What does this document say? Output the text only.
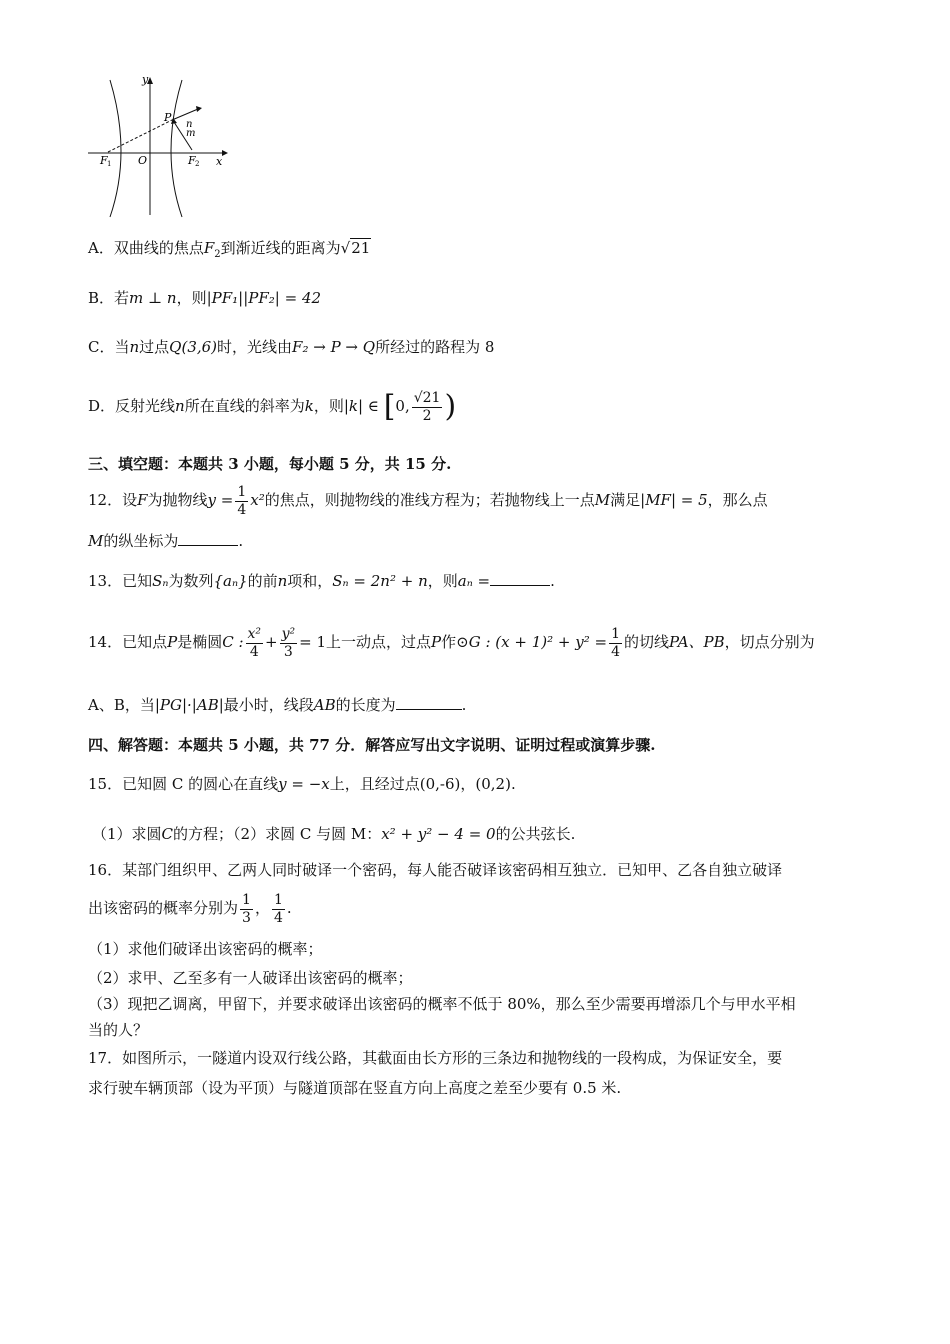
y
x
O
F 1	F 2
P
n
m
A．双曲线的焦点$F_2$到渐近线的距离为√21
B．若m ⊥ n，则|PF₁||PF₂| = 42
C．当n过点Q(3,6)时，光线由F₂ → P → Q所经过的路程为 8
D．反射光线n所在直线的斜率为k，则|k| ∈ [0, $\frac{√21}{2}$ )
三、填空题：本题共 3 小题，每小题 5 分，共 15 分.
12．设F为抛物线$y = \frac{1}{4} x^2$的焦点，则抛物线的准线方程为；若抛物线上一点M满足|MF| = 5，那么点
M的纵坐标为	.
13．已知Sₙ为数列{aₙ}的前n项和，Sₙ = 2n² + n，则aₙ =	.
14．已知点P是椭圆C : $\frac{\text{x²}}{4} + \frac{\text{y²}}{3} = 1$上一动点，过点P作⊙G : $(x + 1)^2 + y^2 = \frac{1}{4}$ 的切线PA、PB，切点分别为
A、B，当|PG|·|AB|最小时，线段AB的长度为	.
四、解答题：本题共 5 小题，共 77 分．解答应写出文字说明、证明过程或演算步骤.
15．已知圆 C 的圆心在直线y = −x上，且经过点(0,-6)，(0,2).
（1）求圆C的方程；（2）求圆 C 与圆 M：x² + y² − 4 = 0的公共弦长.
16．某部门组织甲、乙两人同时破译一个密码，每人能否破译该密码相互独立．已知甲、乙各自独立破译
出该密码的概率分别为 $\frac{1}{3}$ ， $\frac{1}{4}$ .
（1）求他们破译出该密码的概率；
（2）求甲、乙至多有一人破译出该密码的概率；
（3）现把乙调离，甲留下，并要求破译出该密码的概率不低于 80%，那么至少需要再增添几个与甲水平相
当的人？
17．如图所示，一隧道内设双行线公路，其截面由长方形的三条边和抛物线的一段构成，为保证安全，要
求行驶车辆顶部（设为平顶）与隧道顶部在竖直方向上高度之差至少要有 0.5 米.
